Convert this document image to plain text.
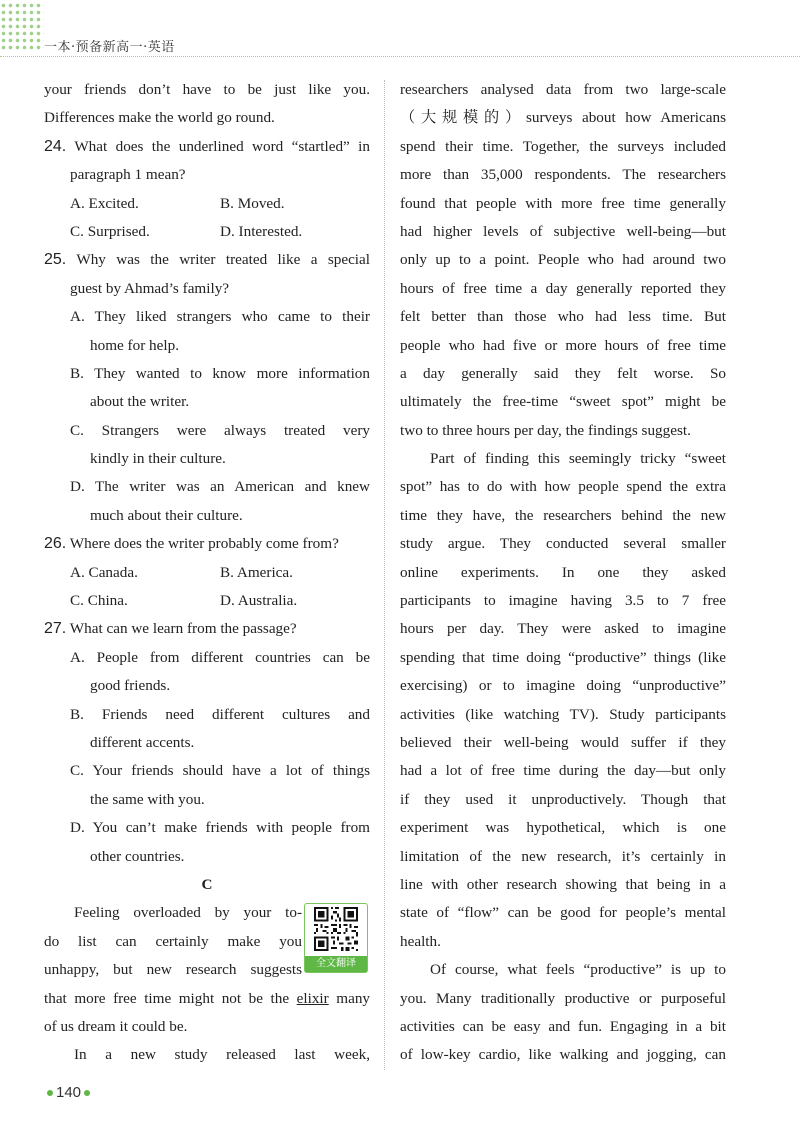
一本·预备新高一·英语
your friends don’t have to be just like you.
Differences make the world go round.
24. What does the underlined word “startled” in
paragraph 1 mean?
A. Excited.	B. Moved.
C. Surprised.	D. Interested.
25. Why was the writer treated like a special
guest by Ahmad’s family?
A. They liked strangers who came to their
home for help.
B. They wanted to know more information
about the writer.
C. Strangers were always treated very
kindly in their culture.
D. The writer was an American and knew
much about their culture.
26. Where does the writer probably come from?
A. Canada.	B. America.
C. China.	D. Australia.
27. What can we learn from the passage?
A. People from different countries can be
good friends.
B. Friends need different cultures and
different accents.
C. Your friends should have a lot of things
the same with you.
D. You can’t make friends with people from
other countries.
C
Feeling overloaded by your to-
do list can certainly make you
unhappy, but new research suggests	全文翻译
that more free time might not be the elixir many
of us dream it could be.
In a new study released last week,
researchers analysed data from two large-scale
（大规模的）surveys about how Americans
spend their time. Together, the surveys included
more than 35,000 respondents. The researchers
found that people with more free time generally
had higher levels of subjective well-being—but
only up to a point. People who had around two
hours of free time a day generally reported they
felt better than those who had less time. But
people who had five or more hours of free time
a day generally said they felt worse. So
ultimately the free-time “sweet spot” might be
two to three hours per day, the findings suggest.
Part of finding this seemingly tricky “sweet
spot” has to do with how people spend the extra
time they have, the researchers behind the new
study argue. They conducted several smaller
online experiments. In one they asked
participants to imagine having 3.5 to 7 free
hours per day. They were asked to imagine
spending that time doing “productive” things (like
exercising) or to imagine doing “unproductive”
activities (like watching TV). Study participants
believed their well-being would suffer if they
had a lot of free time during the day—but only
if they used it unproductively. Though that
experiment was hypothetical, which is one
limitation of the new research, it’s certainly in
line with other research showing that being in a
state of “flow” can be good for people’s mental
health.
Of course, what feels “productive” is up to
you. Many traditionally productive or purposeful
activities can be easy and fun. Engaging in a bit
of low-key cardio, like walking and jogging, can
140
